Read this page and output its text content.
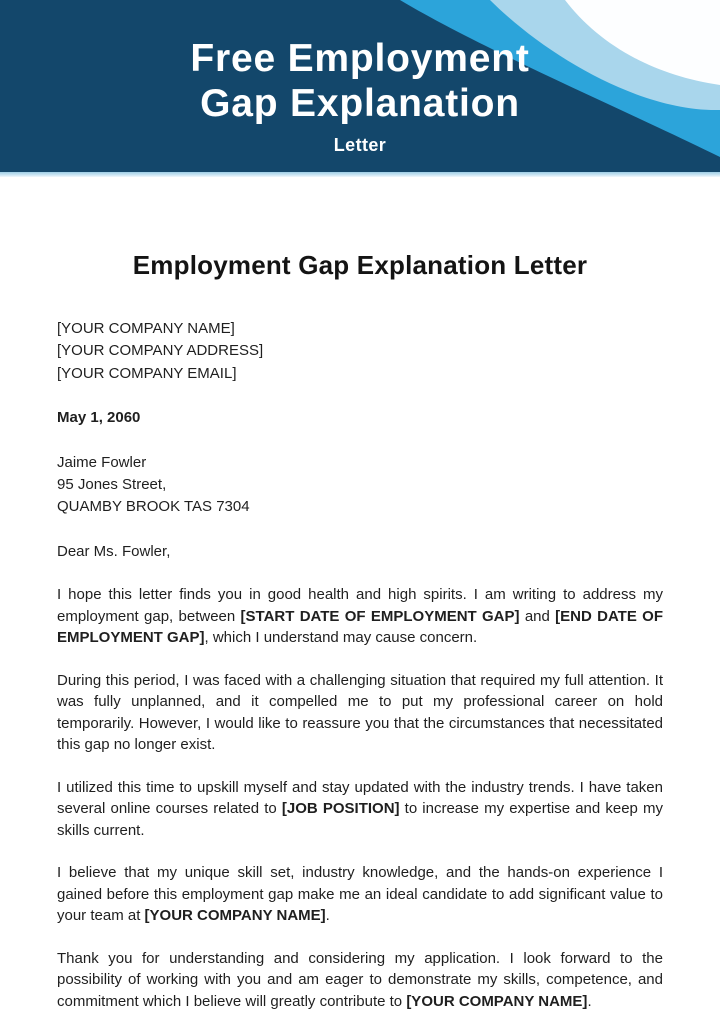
Free Employment
Gap Explanation
Letter
Employment Gap Explanation Letter
[YOUR COMPANY NAME]
[YOUR COMPANY ADDRESS]
[YOUR COMPANY EMAIL]
May 1, 2060
Jaime Fowler
95 Jones Street,
QUAMBY BROOK TAS 7304
Dear Ms. Fowler,

I hope this letter finds you in good health and high spirits. I am writing to address my employment gap, between [START DATE OF EMPLOYMENT GAP] and [END DATE OF EMPLOYMENT GAP], which I understand may cause concern.

During this period, I was faced with a challenging situation that required my full attention. It was fully unplanned, and it compelled me to put my professional career on hold temporarily. However, I would like to reassure you that the circumstances that necessitated this gap no longer exist.

I utilized this time to upskill myself and stay updated with the industry trends. I have taken several online courses related to [JOB POSITION] to increase my expertise and keep my skills current.

I believe that my unique skill set, industry knowledge, and the hands-on experience I gained before this employment gap make me an ideal candidate to add significant value to your team at [YOUR COMPANY NAME].

Thank you for understanding and considering my application. I look forward to the possibility of working with you and am eager to demonstrate my skills, competence, and commitment which I believe will greatly contribute to [YOUR COMPANY NAME].
